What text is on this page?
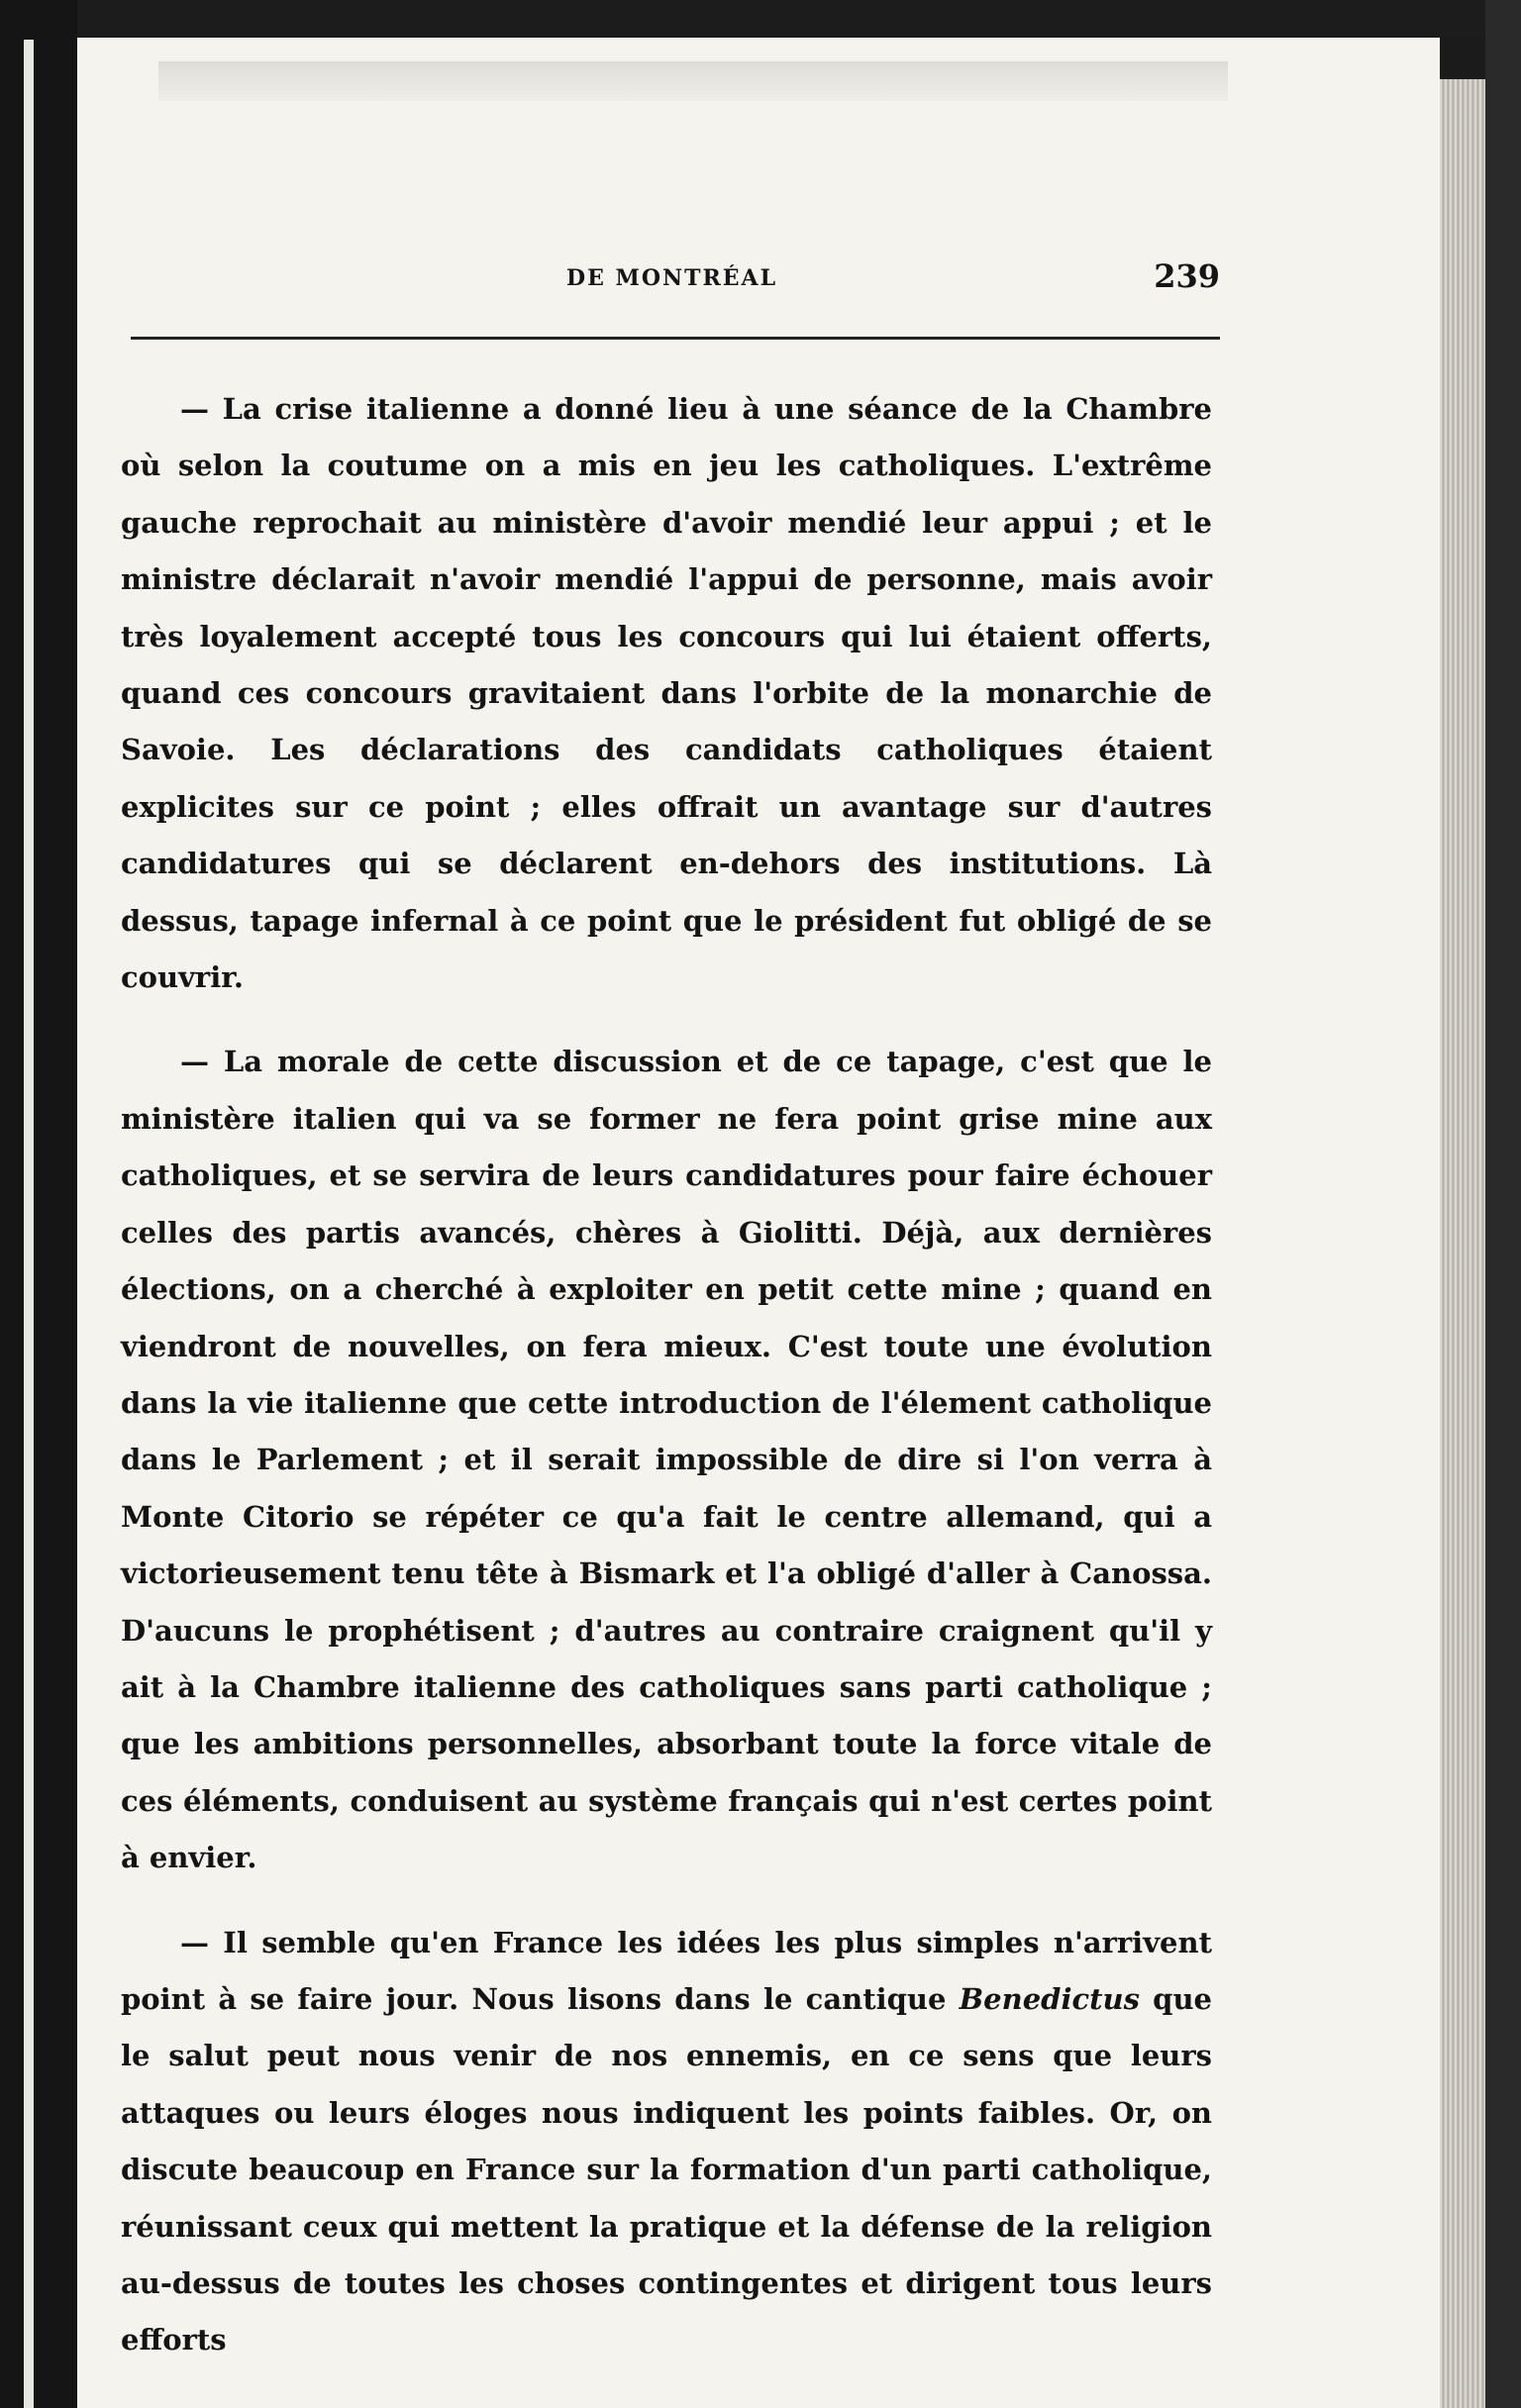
DE MONTRÉAL	239

— La crise italienne a donné lieu à une séance de la Chambre où selon la coutume on a mis en jeu les catholiques. L'extrême gauche reprochait au ministère d'avoir mendié leur appui ; et le ministre déclarait n'avoir mendié l'appui de personne, mais avoir très loyalement accepté tous les concours qui lui étaient offerts, quand ces concours gravitaient dans l'orbite de la monarchie de Savoie. Les déclarations des candidats catholiques étaient explicites sur ce point ; elles offrait un avantage sur d'autres candidatures qui se déclarent en-dehors des institutions. Là dessus, tapage infernal à ce point que le président fut obligé de se couvrir.

— La morale de cette discussion et de ce tapage, c'est que le ministère italien qui va se former ne fera point grise mine aux catholiques, et se servira de leurs candidatures pour faire échouer celles des partis avancés, chères à Giolitti. Déjà, aux dernières élections, on a cherché à exploiter en petit cette mine ; quand en viendront de nouvelles, on fera mieux. C'est toute une évolution dans la vie italienne que cette introduction de l'élement catholique dans le Parlement ; et il serait impossible de dire si l'on verra à Monte Citorio se répéter ce qu'a fait le centre allemand, qui a victorieusement tenu tête à Bismark et l'a obligé d'aller à Canossa. D'aucuns le prophétisent ; d'autres au contraire craignent qu'il y ait à la Chambre italienne des catholiques sans parti catholique ; que les ambitions personnelles, absorbant toute la force vitale de ces éléments, conduisent au système français qui n'est certes point à envier.

— Il semble qu'en France les idées les plus simples n'arrivent point à se faire jour. Nous lisons dans le cantique Benedictus que le salut peut nous venir de nos ennemis, en ce sens que leurs attaques ou leurs éloges nous indiquent les points faibles. Or, on discute beaucoup en France sur la formation d'un parti catholique, réunissant ceux qui mettent la pratique et la défense de la religion au-dessus de toutes les choses contingentes et dirigent tous leurs efforts
